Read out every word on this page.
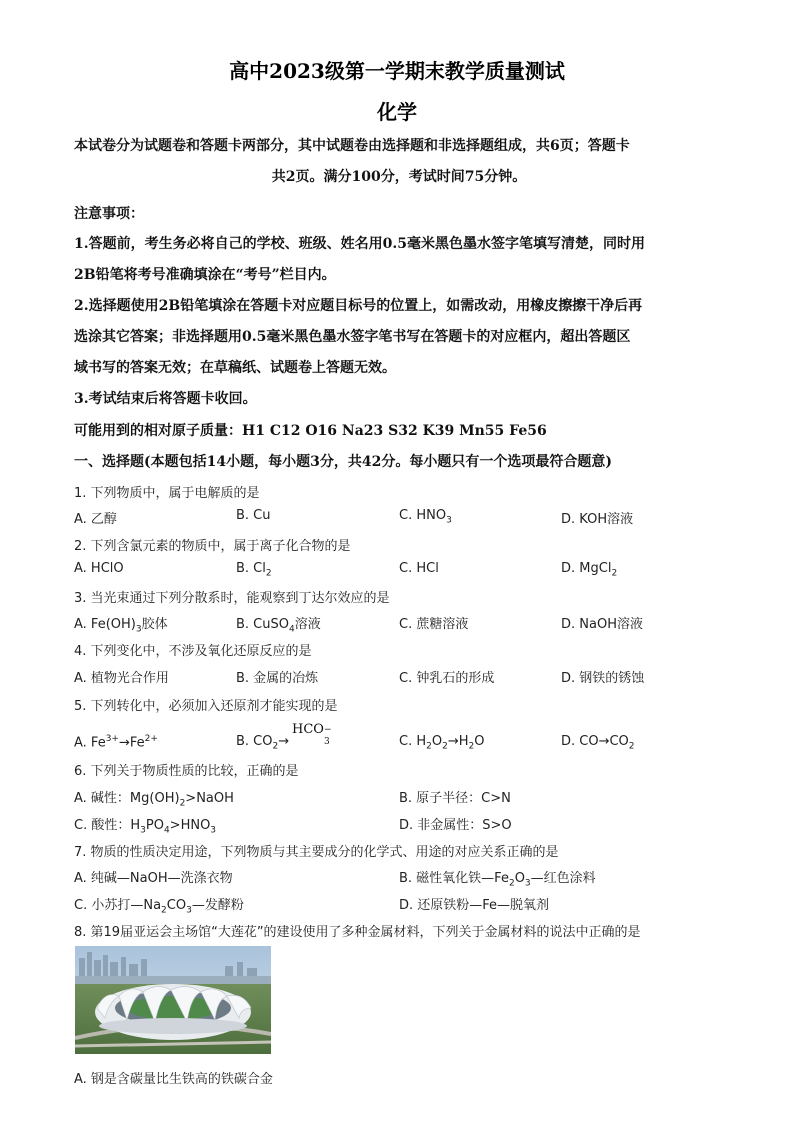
高中2023级第一学期末教学质量测试
化学
本试卷分为试题卷和答题卡两部分，其中试题卷由选择题和非选择题组成，共6页；答题卡
共2页。满分100分，考试时间75分钟。
注意事项：
1.答题前，考生务必将自己的学校、班级、姓名用0.5毫米黑色墨水签字笔填写清楚，同时用
2B铅笔将考号准确填涂在“考号”栏目内。
2.选择题使用2B铅笔填涂在答题卡对应题目标号的位置上，如需改动，用橡皮擦擦干净后再
选涂其它答案；非选择题用0.5毫米黑色墨水签字笔书写在答题卡的对应框内，超出答题区
域书写的答案无效；在草稿纸、试题卷上答题无效。
3.考试结束后将答题卡收回。
可能用到的相对原子质量：H1 C12 O16 Na23 S32 K39 Mn55 Fe56
一、选择题(本题包括14小题，每小题3分，共42分。每小题只有一个选项最符合题意)
1. 下列物质中，属于电解质的是
A. 乙醇	B. Cu	C. $HNO_3$	D. KOH溶液
2. 下列含氯元素的物质中，属于离子化合物的是
A. HClO	B. $Cl_2$	C. HCl	D. MgCl$_2$
3. 当光束通过下列分散系时，能观察到丁达尔效应的是
A. $Fe(OH)_3$胶体	B. CuSO$_4$溶液	C. 蔗糖溶液	D. NaOH溶液
4. 下列变化中，不涉及氧化还原反应的是
A. 植物光合作用	B. 金属的冶炼	C. 钟乳石的形成	D. 钢铁的锈蚀
5. 下列转化中，必须加入还原剂才能实现的是
A. $Fe^{3+}\to Fe^{2+}$	B. $CO_2\to$
HCO −
3	C. $H_2O_2\to H_2O$	D. $CO\to CO_2$
6. 下列关于物质性质的比较，正确的是
A. 碱性：$Mg(OH)_2>NaOH$	B. 原子半径：C>N
C. 酸性：$H_3PO_4>HNO_3$	D. 非金属性：S>O
7. 物质的性质决定用途，下列物质与其主要成分的化学式、用途的对应关系正确的是
A. 纯碱—NaOH—洗涤衣物	B. 磁性氧化铁$—Fe_2O_3—$红色涂料
C. 小苏打$—Na_2CO_3—$发酵粉	D. 还原铁粉—Fe—脱氧剂
8. 第19届亚运会主场馆“大莲花”的建设使用了多种金属材料，下列关于金属材料的说法中正确的是
A. 钢是含碳量比生铁高的铁碳合金
